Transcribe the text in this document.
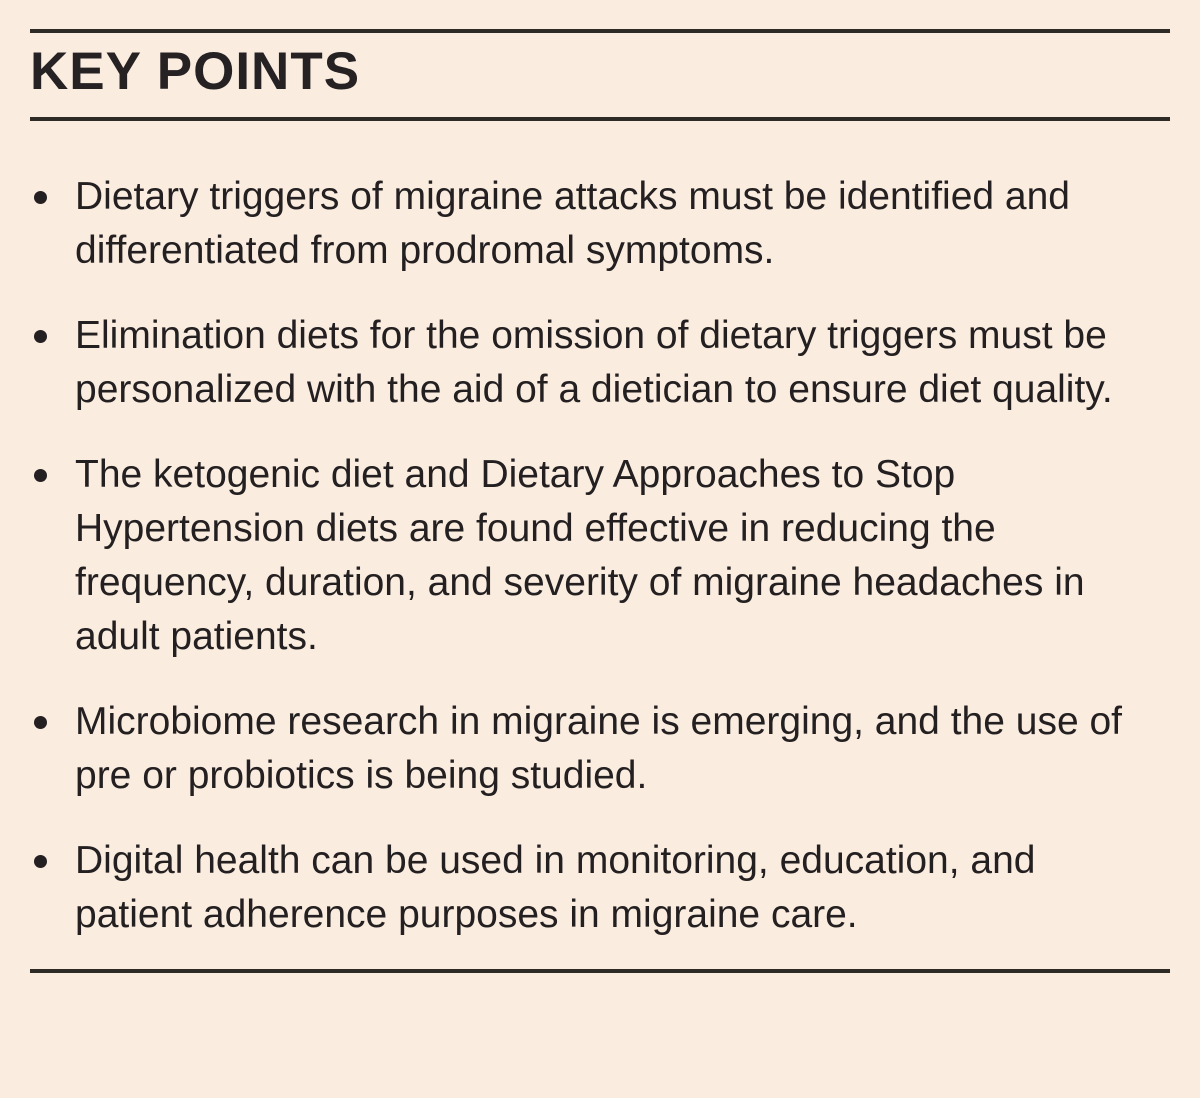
KEY POINTS
Dietary triggers of migraine attacks must be identified and differentiated from prodromal symptoms.
Elimination diets for the omission of dietary triggers must be personalized with the aid of a dietician to ensure diet quality.
The ketogenic diet and Dietary Approaches to Stop Hypertension diets are found effective in reducing the frequency, duration, and severity of migraine headaches in adult patients.
Microbiome research in migraine is emerging, and the use of pre or probiotics is being studied.
Digital health can be used in monitoring, education, and patient adherence purposes in migraine care.
